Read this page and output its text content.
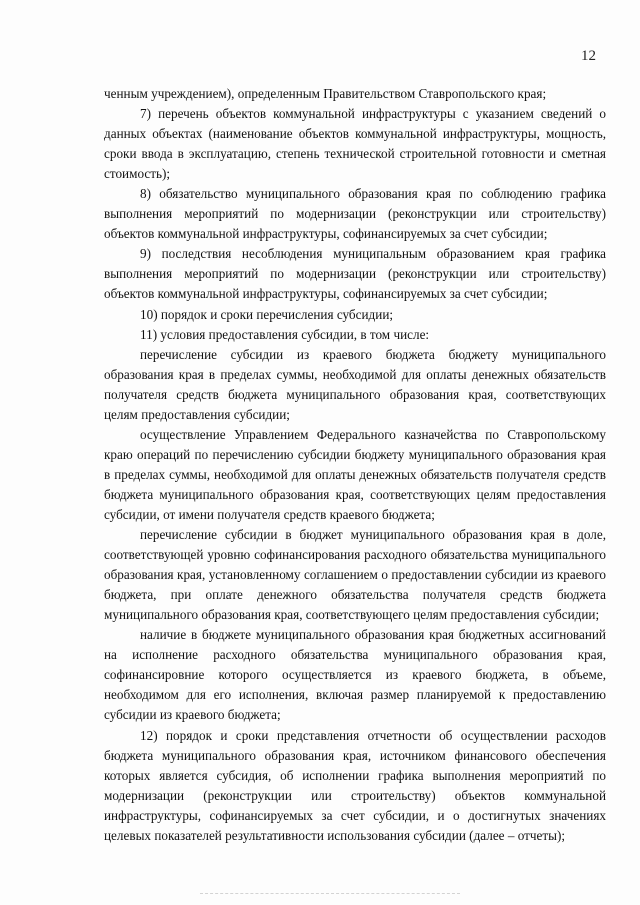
12

ченным учреждением), определенным Правительством Ставропольского края;

7) перечень объектов коммунальной инфраструктуры с указанием сведений о данных объектах (наименование объектов коммунальной инфраструктуры, мощность, сроки ввода в эксплуатацию, степень технической строительной готовности и сметная стоимость);

8) обязательство муниципального образования края по соблюдению графика выполнения мероприятий по модернизации (реконструкции или строительству) объектов коммунальной инфраструктуры, софинансируемых за счет субсидии;

9) последствия несоблюдения муниципальным образованием края графика выполнения мероприятий по модернизации (реконструкции или строительству) объектов коммунальной инфраструктуры, софинансируемых за счет субсидии;

10) порядок и сроки перечисления субсидии;

11) условия предоставления субсидии, в том числе:

перечисление субсидии из краевого бюджета бюджету муниципального образования края в пределах суммы, необходимой для оплаты денежных обязательств получателя средств бюджета муниципального образования края, соответствующих целям предоставления субсидии;

осуществление Управлением Федерального казначейства по Ставропольскому краю операций по перечислению субсидии бюджету муниципального образования края в пределах суммы, необходимой для оплаты денежных обязательств получателя средств бюджета муниципального образования края, соответствующих целям предоставления субсидии, от имени получателя средств краевого бюджета;

перечисление субсидии в бюджет муниципального образования края в доле, соответствующей уровню софинансирования расходного обязательства муниципального образования края, установленному соглашением о предоставлении субсидии из краевого бюджета, при оплате денежного обязательства получателя средств бюджета муниципального образования края, соответствующего целям предоставления субсидии;

наличие в бюджете муниципального образования края бюджетных ассигнований на исполнение расходного обязательства муниципального образования края, софинансировние которого осуществляется из краевого бюджета, в объеме, необходимом для его исполнения, включая размер планируемой к предоставлению субсидии из краевого бюджета;

12) порядок и сроки представления отчетности об осуществлении расходов бюджета муниципального образования края, источником финансового обеспечения которых является субсидия, об исполнении графика выполнения мероприятий по модернизации (реконструкции или строительству) объектов коммунальной инфраструктуры, софинансируемых за счет субсидии, и о достигнутых значениях целевых показателей результативности использования субсидии (далее – отчеты);
